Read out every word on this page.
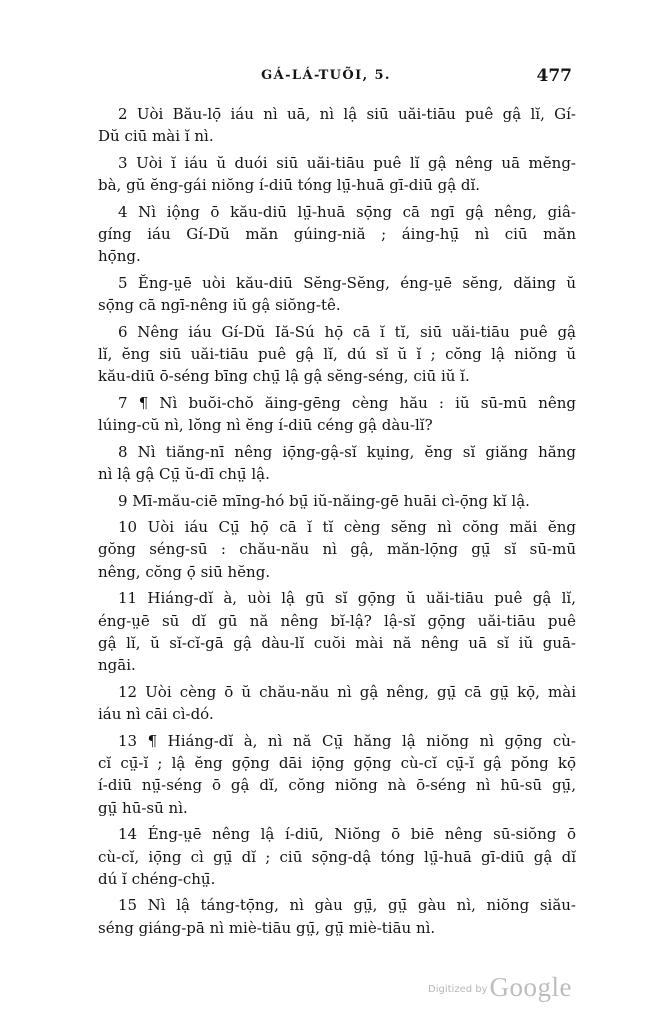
GÁ-LÁ-TUÕI, 5.	477
2 Uòi Bău-lọ̄ iáu nì uā, nì lậ siū uăi-tiāu puê gậ lĭ, Gí-
Dŭ ciū mài ĭ nì.
3 Uòi ĭ iáu ŭ duói siū uăi-tiāu puê lĭ gậ nêng uā mĕng-
bà, gŭ ĕng-gái niŏng í-diū tóng lṳ̄-huā gī-diū gậ dĭ.
4 Nì iộng ō kău-diū lṳ̄-huā sọ̄ng cā ngī gậ nêng, giâ-
gíng iáu Gí-Dŭ măn gúing-niă ; áing-hṳ̄ nì ciū măn
họ̄ng.
5 Ĕng-ṳē uòi kău-diū Sĕng-Sĕng, éng-ṳē sĕng, dăing ŭ
sọ̄ng cā ngī-nêng iŭ gậ siŏng-tê.
6 Nêng iáu Gí-Dŭ Iă-Sú họ̄ cā ĭ tĭ, siū uăi-tiāu puê gậ
lĭ, ĕng siū uăi-tiāu puê gậ lĭ, dú sĭ ŭ ĭ ; cŏng lậ niŏng ŭ
kău-diū ō-séng bīng chṳ̄ lậ gậ sĕng-séng, ciū iŭ ĭ.
7 ¶ Nì buŏi-chŏ ăing-gēng cèng hău : iŭ sū-mū nêng
lúing-cŭ nì, lŏng nì ĕng í-diū céng gậ dàu-lĭ?
8 Nì tiăng-nī nêng iọ̄ng-gậ-sĭ kṳing, ĕng sĭ giăng hăng
nì lậ gậ Cṳ̄ ŭ-dī chṳ̄ lậ.
9 Mī-mău-ciē mīng-hó bṳ̄ iŭ-năing-gē huāi cì-ọ̄ng kĭ lậ.
10 Uòi iáu Cṳ̄ họ̄ cā ĭ tĭ cèng sĕng nì cŏng măi ĕng
gŏng séng-sū : chău-nău nì gậ, măn-lọ̄ng gṳ̄ sĭ sū-mū
nêng, cŏng ọ̄ siū hĕng.
11 Hiáng-dĭ à, uòi lậ gū sĭ gọ̄ng ŭ uăi-tiāu puê gậ lĭ,
éng-ṳē sū dĭ gū nă nêng bĭ-lậ? lậ-sĭ gọ̄ng uăi-tiāu puê
gậ lĭ, ŭ sĭ-cĭ-gā gậ dàu-lĭ cuŏi mài nă nêng uā sĭ iŭ guā-
ngāi.
12 Uòi cèng ō ŭ chău-nău nì gậ nêng, gṳ̄ cā gṳ̄ kọ̄, mài
iáu nì cāi cì-dó.
13 ¶ Hiáng-dĭ à, nì nă Cṳ̄ hăng lậ niŏng nì gọ̄ng cù-
cĭ cṳ̄-ĭ ; lậ ĕng gọ̄ng dāi iọ̄ng gọ̄ng cù-cĭ cṳ̄-ĭ gậ pŏng kọ̄
í-diū nṳ̄-séng ō gậ dĭ, cŏng niŏng nà ō-séng nì hū-sū gṳ̄,
gṳ̄ hū-sū nì.
14 Éng-ṳē nêng lậ í-diū, Niŏng ō biē nêng sū-siŏng ō
cù-cĭ, iọ̄ng cì gṳ̄ dĭ ; ciū sọ̄ng-dậ tóng lṳ̄-huā gī-diū gậ dĭ
dú ĭ chéng-chṳ̄.
15 Nì lậ táng-tọ̄ng, nì gàu gṳ̄, gṳ̄ gàu nì, niŏng siău-
séng giáng-pā nì miè-tiāu gṳ̄, gṳ̄ miè-tiāu nì.
$^{Digitized by}$Google
